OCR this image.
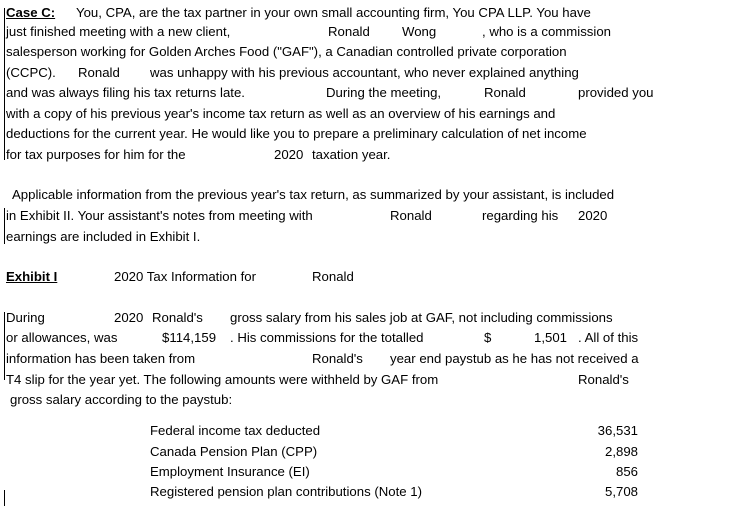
Case C: You, CPA, are the tax partner in your own small accounting firm, You CPA LLP. You have
just finished meeting with a new client,	Ronald Wong	, who is a commission
salesperson working for Golden Arches Food ("GAF"), a Canadian controlled private corporation
(CCPC). Ronald was unhappy with his previous accountant, who never explained anything
and was always filing his tax returns late.	During the meeting,	Ronald	provided you
with a copy of his previous year's income tax return as well as an overview of his earnings and
deductions for the current year. He would like you to prepare a preliminary calculation of net income
for tax purposes for him for the	2020 taxation year.
Applicable information from the previous year's tax return, as summarized by your assistant, is included
in Exhibit II. Your assistant's notes from meeting with	Ronald	regarding his 2020
earnings are included in Exhibit I.
Exhibit I	2020 Tax Information for	Ronald
During	2020 Ronald's gross salary from his sales job at GAF, not including commissions
or allowances, was	$114,159 . His commissions for the totalled	$	1,501 . All of this
information has been taken from	Ronald's year end paystub as he has not received a
T4 slip for the year yet. The following amounts were withheld by GAF from	Ronald's
gross salary according to the paystub:
Federal income tax deducted	36,531
Canada Pension Plan (CPP)	2,898
Employment Insurance (EI)	856
Registered pension plan contributions (Note 1)	5,708
